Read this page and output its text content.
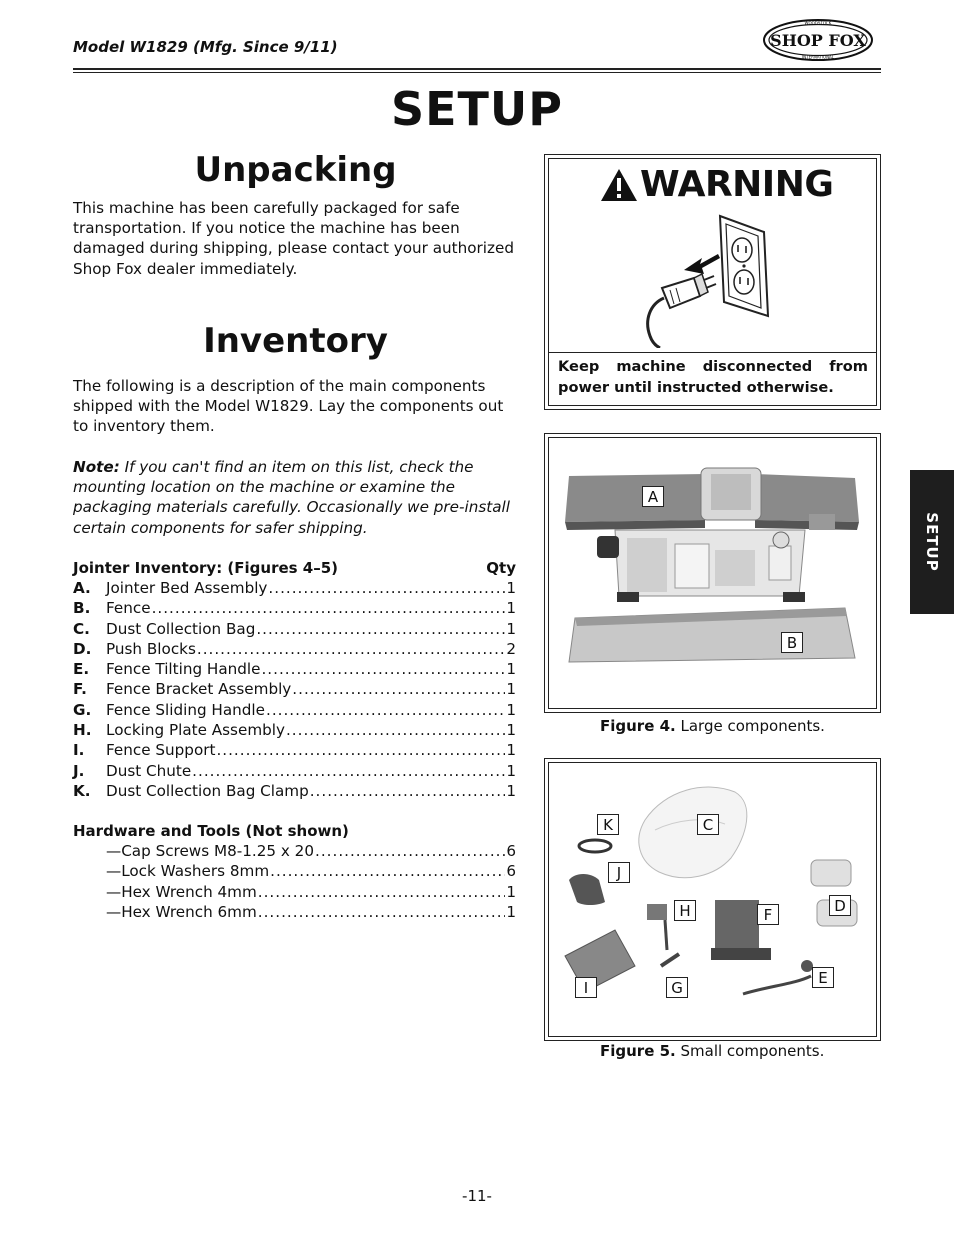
Model W1829 (Mfg. Since 9/11)	SHOP FOX
WOODSTOCK
INTERNATIONAL
SETUP
Unpacking
This machine has been carefully packaged for safe transportation. If you notice the machine has been damaged during shipping, please contact your authorized Shop Fox dealer immediately.
Inventory
The following is a description of the main components shipped with the Model W1829. Lay the components out to inventory them.
Note: If you can't find an item on this list, check the mounting location on the machine or examine the packaging materials carefully. Occasionally we pre-install certain components for safer shipping.
Jointer Inventory: (Figures 4–5)	Qty
A. Jointer Bed Assembly .....	1
B.	Fence .....	1
C.	Dust Collection Bag .....	1
D. Push Blocks .....	2
E.	Fence Tilting Handle .....	1
F.	Fence Bracket Assembly .....	1
G. Fence Sliding Handle .....	1
H. Locking Plate Assembly .....	1
I.	Fence Support .....	1
J.	Dust Chute .....	1
K.	Dust Collection Bag Clamp .....	1
Hardware and Tools (Not shown)
—Cap Screws M8-1.25 x 20 .....	6
—Lock Washers 8mm .....	6
—Hex Wrench 4mm .....	1
—Hex Wrench 6mm .....	1
SETUP
WARNING
Keep machine disconnected from
power until instructed otherwise.
A
B
Figure 4. Large components.
K	C
J
H	F	D
E
I	G
Figure 5. Small components.
-11-
